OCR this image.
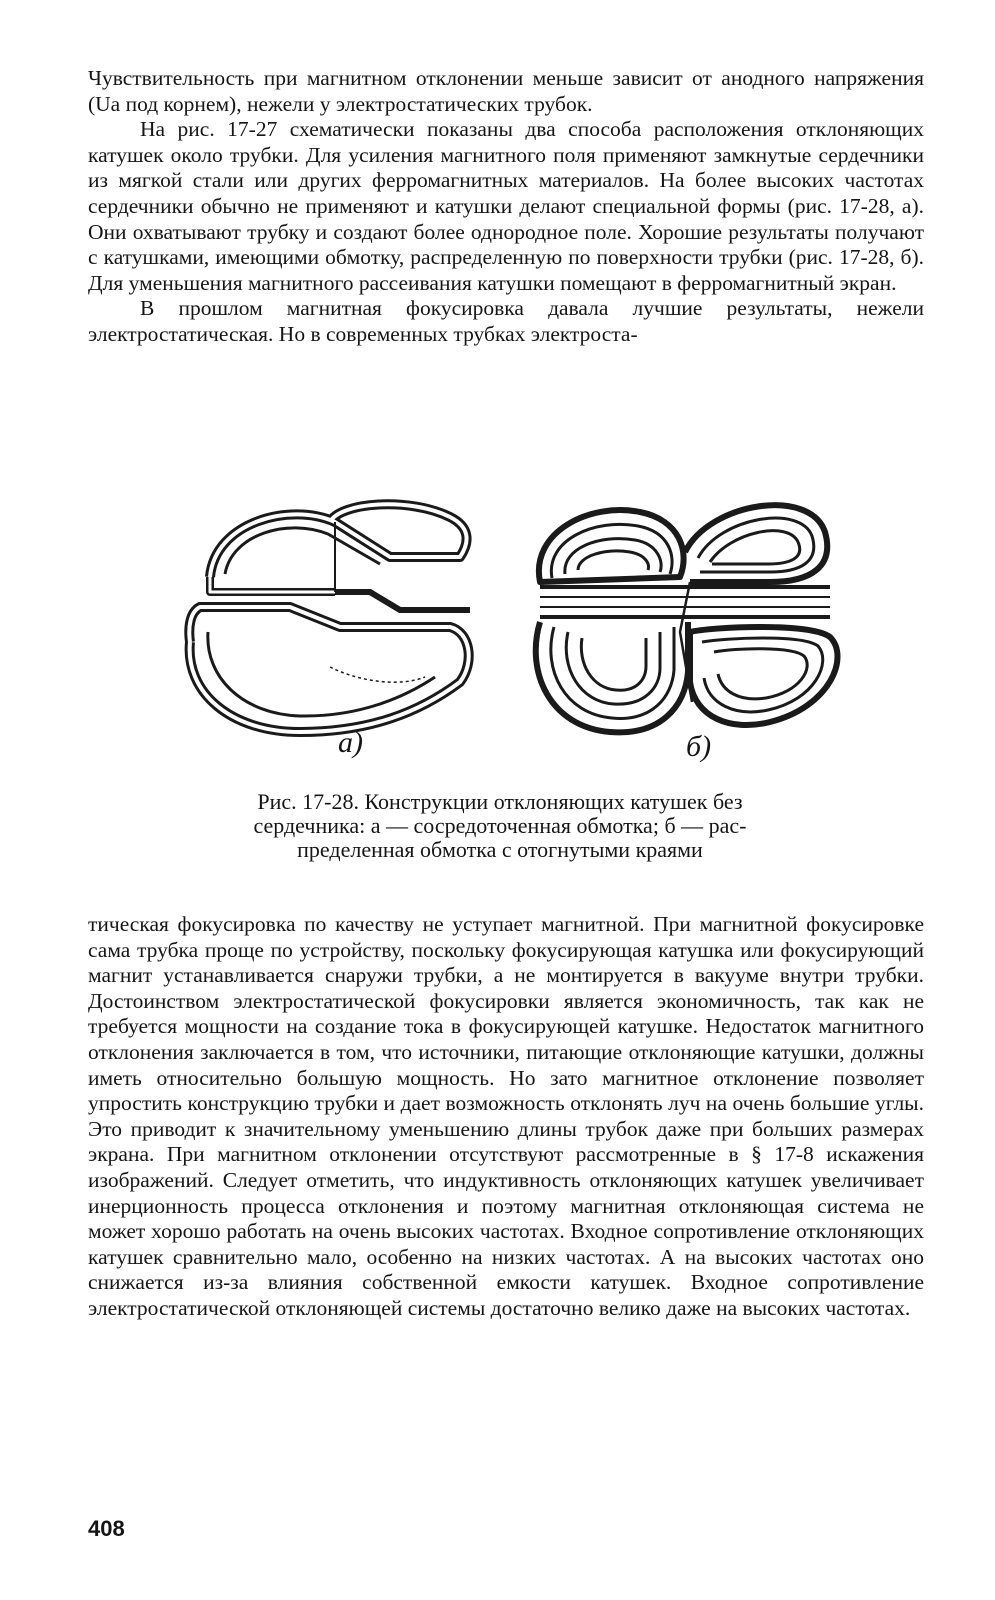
Чувствительность при магнитном отклонении меньше зависит от анодного напряжения (Ua под корнем), нежели у электростатических трубок.

На рис. 17-27 схематически показаны два способа расположения отклоняющих катушек около трубки. Для усиления магнитного поля применяют замкнутые сердечники из мягкой стали или других ферромагнитных материалов. На более высоких частотах сердечники обычно не применяют и катушки делают специальной формы (рис. 17-28, а). Они охватывают трубку и создают более однородное поле. Хорошие результаты получают с катушками, имеющими обмотку, распределенную по поверхности трубки (рис. 17-28, б). Для уменьшения магнитного рассеивания катушки помещают в ферромагнитный экран.

В прошлом магнитная фокусировка давала лучшие результаты, нежели электростатическая. Но в современных трубках электроста-

а)	б)
Рис. 17-28. Конструкции отклоняющих катушек без
сердечника: а — сосредоточенная обмотка; б — рас-
пределенная обмотка с отогнутыми краями

тическая фокусировка по качеству не уступает магнитной. При магнитной фокусировке сама трубка проще по устройству, поскольку фокусирующая катушка или фокусирующий магнит устанавливается снаружи трубки, а не монтируется в вакууме внутри трубки. Достоинством электростатической фокусировки является экономичность, так как не требуется мощности на создание тока в фокусирующей катушке. Недостаток магнитного отклонения заключается в том, что источники, питающие отклоняющие катушки, должны иметь относительно большую мощность. Но зато магнитное отклонение позволяет упростить конструкцию трубки и дает возможность отклонять луч на очень большие углы. Это приводит к значительному уменьшению длины трубок даже при больших размерах экрана. При магнитном отклонении отсутствуют рассмотренные в § 17-8 искажения изображений. Следует отметить, что индуктивность отклоняющих катушек увеличивает инерционность процесса отклонения и поэтому магнитная отклоняющая система не может хорошо работать на очень высоких частотах. Входное сопротивление отклоняющих катушек сравнительно мало, особенно на низких частотах. А на высоких частотах оно снижается из-за влияния собственной емкости катушек. Входное сопротивление электростатической отклоняющей системы достаточно велико даже на высоких частотах.

408
